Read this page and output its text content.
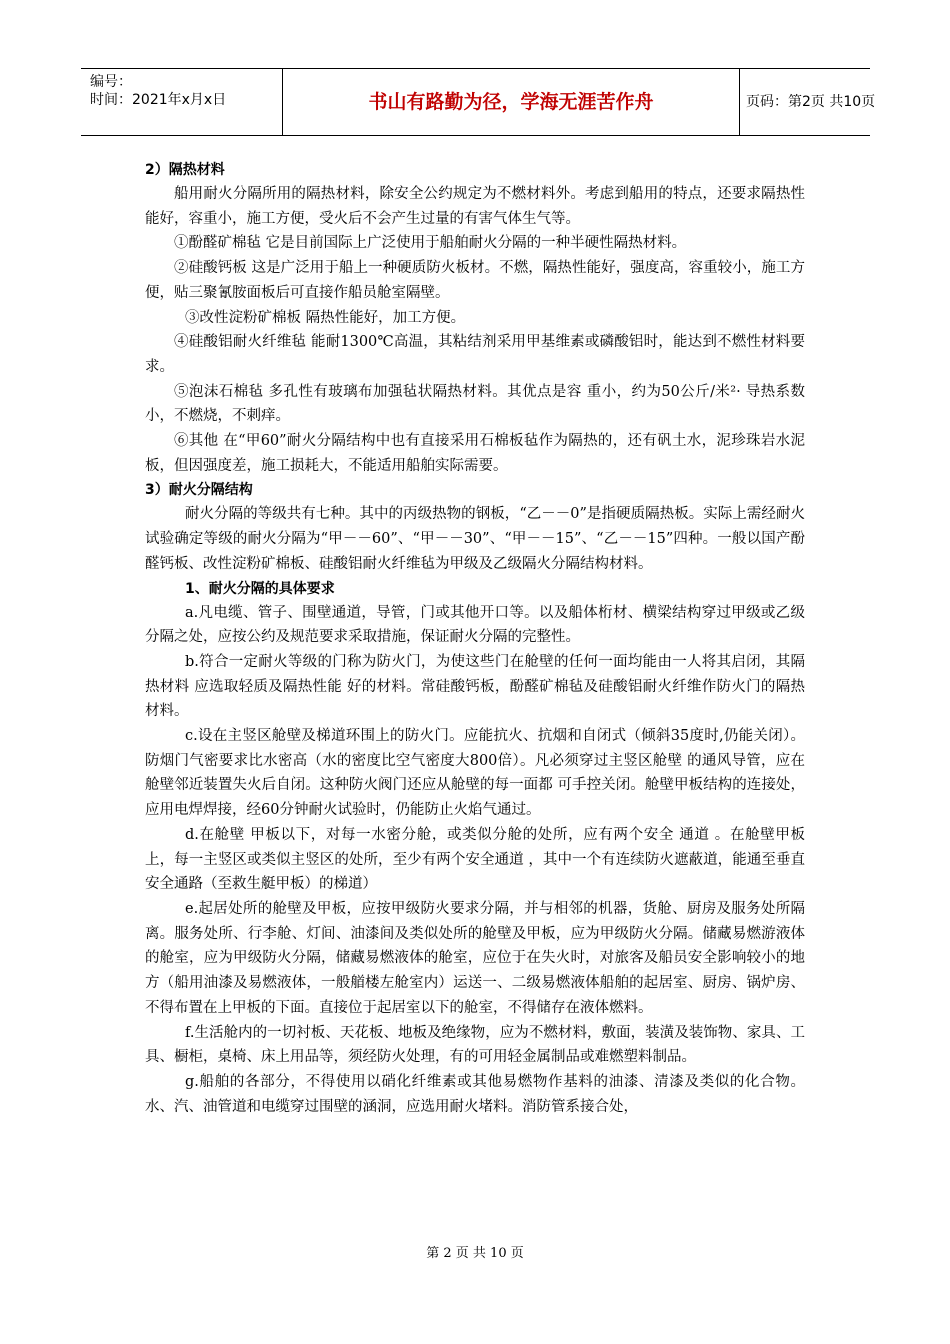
编号：
时间：2021年x月x日	书山有路勤为径，学海无涯苦作舟	页码：第2页 共10页
2）隔热材料

船用耐火分隔所用的隔热材料，除安全公约规定为不燃材料外。考虑到船用的特点，还要求隔热性能好，容重小，施工方便，受火后不会产生过量的有害气体生气等。

①酚醛矿棉毡 它是目前国际上广泛使用于船舶耐火分隔的一种半硬性隔热材料。

②硅酸钙板 这是广泛用于船上一种硬质防火板材。不燃，隔热性能好，强度高，容重较小，施工方便，贴三聚氰胺面板后可直接作船员舱室隔壁。

③改性淀粉矿棉板 隔热性能好，加工方便。

④硅酸铝耐火纤维毡 能耐1300℃高温，其粘结剂采用甲基维素或磷酸铝时，能达到不燃性材料要求。

⑤泡沫石棉毡 多孔性有玻璃布加强毡状隔热材料。其优点是容 重小，约为50公斤/米²· 导热系数小，不燃烧，不刺痒。

⑥其他 在“甲60”耐火分隔结构中也有直接采用石棉板毡作为隔热的，还有矾土水，泥珍珠岩水泥板，但因强度差，施工损耗大，不能适用船舶实际需要。

3）耐火分隔结构

耐火分隔的等级共有七种。其中的丙级热物的钢板，“乙－－0”是指硬质隔热板。实际上需经耐火试验确定等级的耐火分隔为“甲－－60”、“甲－－30”、“甲－－15”、“乙－－15”四种。一般以国产酚醛钙板、改性淀粉矿棉板、硅酸铝耐火纤维毡为甲级及乙级隔火分隔结构材料。

1、耐火分隔的具体要求

a.凡电缆、管子、围壁通道，导管，门或其他开口等。以及船体桁材、横梁结构穿过甲级或乙级分隔之处，应按公约及规范要求采取措施，保证耐火分隔的完整性。

b.符合一定耐火等级的门称为防火门，为使这些门在舱壁的任何一面均能由一人将其启闭，其隔热材料 应选取轻质及隔热性能 好的材料。常硅酸钙板，酚醛矿棉毡及硅酸铝耐火纤维作防火门的隔热材料。

c.设在主竖区舱壁及梯道环围上的防火门。应能抗火、抗烟和自闭式（倾斜35度时,仍能关闭）。防烟门气密要求比水密高（水的密度比空气密度大800倍）。凡必须穿过主竖区舱壁 的通风导管，应在舱壁邻近装置失火后自闭。这种防火阀门还应从舱壁的每一面都 可手控关闭。舱壁甲板结构的连接处，应用电焊焊接，经60分钟耐火试验时，仍能防止火焰气通过。

d.在舱壁 甲板以下，对每一水密分舱，或类似分舱的处所，应有两个安全 通道 。在舱壁甲板上，每一主竖区或类似主竖区的处所，至少有两个安全通道 ，其中一个有连续防火遮蔽道，能通至垂直安全通路（至救生艇甲板）的梯道）

e.起居处所的舱壁及甲板，应按甲级防火要求分隔，并与相邻的机器，货舱、厨房及服务处所隔离。服务处所、行李舱、灯间、油漆间及类似处所的舱壁及甲板，应为甲级防火分隔。储藏易燃游液体的舱室，应为甲级防火分隔，储藏易燃液体的舱室，应位于在失火时，对旅客及船员安全影响较小的地方（船用油漆及易燃液体，一般艏楼左舱室内）运送一、二级易燃液体船舶的起居室、厨房、锅炉房、不得布置在上甲板的下面。直接位于起居室以下的舱室，不得储存在液体燃料。

f.生活舱内的一切衬板、天花板、地板及绝缘物，应为不燃材料，敷面，装潢及装饰物、家具、工具、橱柜，桌椅、床上用品等，须经防火处理，有的可用轻金属制品或难燃塑料制品。

g.船舶的各部分，不得使用以硝化纤维素或其他易燃物作基料的油漆、清漆及类似的化合物。水、汽、油管道和电缆穿过围壁的涵洞，应选用耐火堵料。消防管系接合处，

第 2 页 共 10 页
